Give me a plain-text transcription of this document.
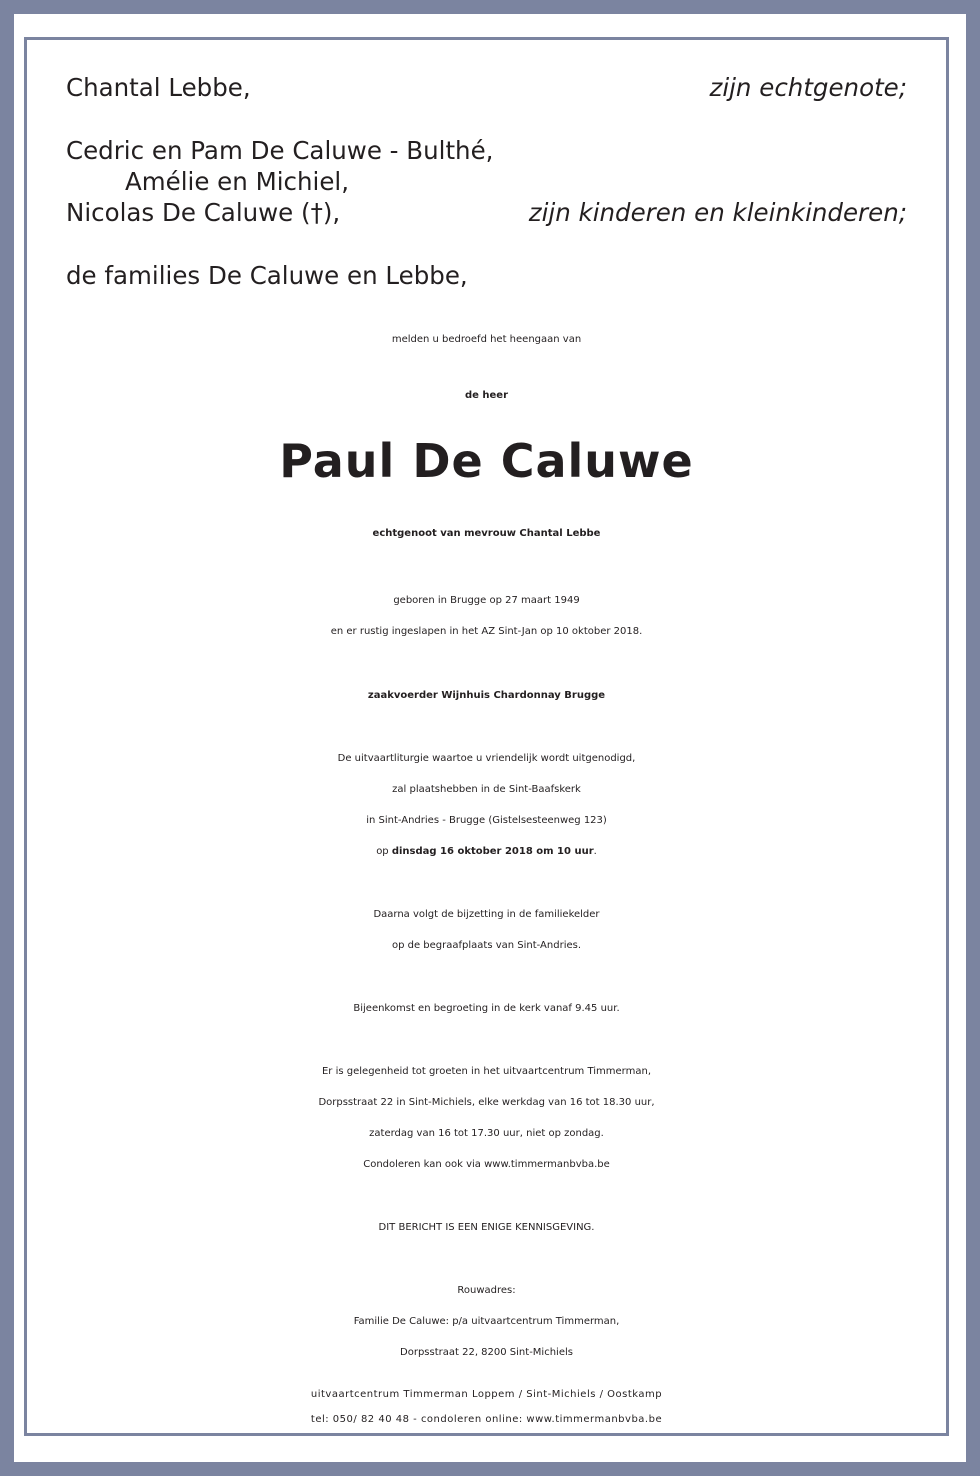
Chantal Lebbe,	zijn echtgenote;
Cedric en Pam De Caluwe - Bulthé,
Amélie en Michiel,
Nicolas De Caluwe (†),	zijn kinderen en kleinkinderen;
de families De Caluwe en Lebbe,
melden u bedroefd het heengaan van
de heer
Paul De Caluwe
echtgenoot van mevrouw Chantal Lebbe
geboren in Brugge op 27 maart 1949
en er rustig ingeslapen in het AZ Sint-Jan op 10 oktober 2018.
zaakvoerder Wijnhuis Chardonnay Brugge
De uitvaartliturgie waartoe u vriendelijk wordt uitgenodigd,
zal plaatshebben in de Sint-Baafskerk
in Sint-Andries - Brugge (Gistelsesteenweg 123)
op dinsdag 16 oktober 2018 om 10 uur.
Daarna volgt de bijzetting in de familiekelder
op de begraafplaats van Sint-Andries.
Bijeenkomst en begroeting in de kerk vanaf 9.45 uur.
Er is gelegenheid tot groeten in het uitvaartcentrum Timmerman,
Dorpsstraat 22 in Sint-Michiels, elke werkdag van 16 tot 18.30 uur,
zaterdag van 16 tot 17.30 uur, niet op zondag.
Condoleren kan ook via www.timmermanbvba.be
DIT BERICHT IS EEN ENIGE KENNISGEVING.
Rouwadres:
Familie De Caluwe: p/a uitvaartcentrum Timmerman,
Dorpsstraat 22, 8200 Sint-Michiels
uitvaartcentrum Timmerman Loppem / Sint-Michiels / Oostkamp
tel: 050/ 82 40 48 - condoleren online: www.timmermanbvba.be
